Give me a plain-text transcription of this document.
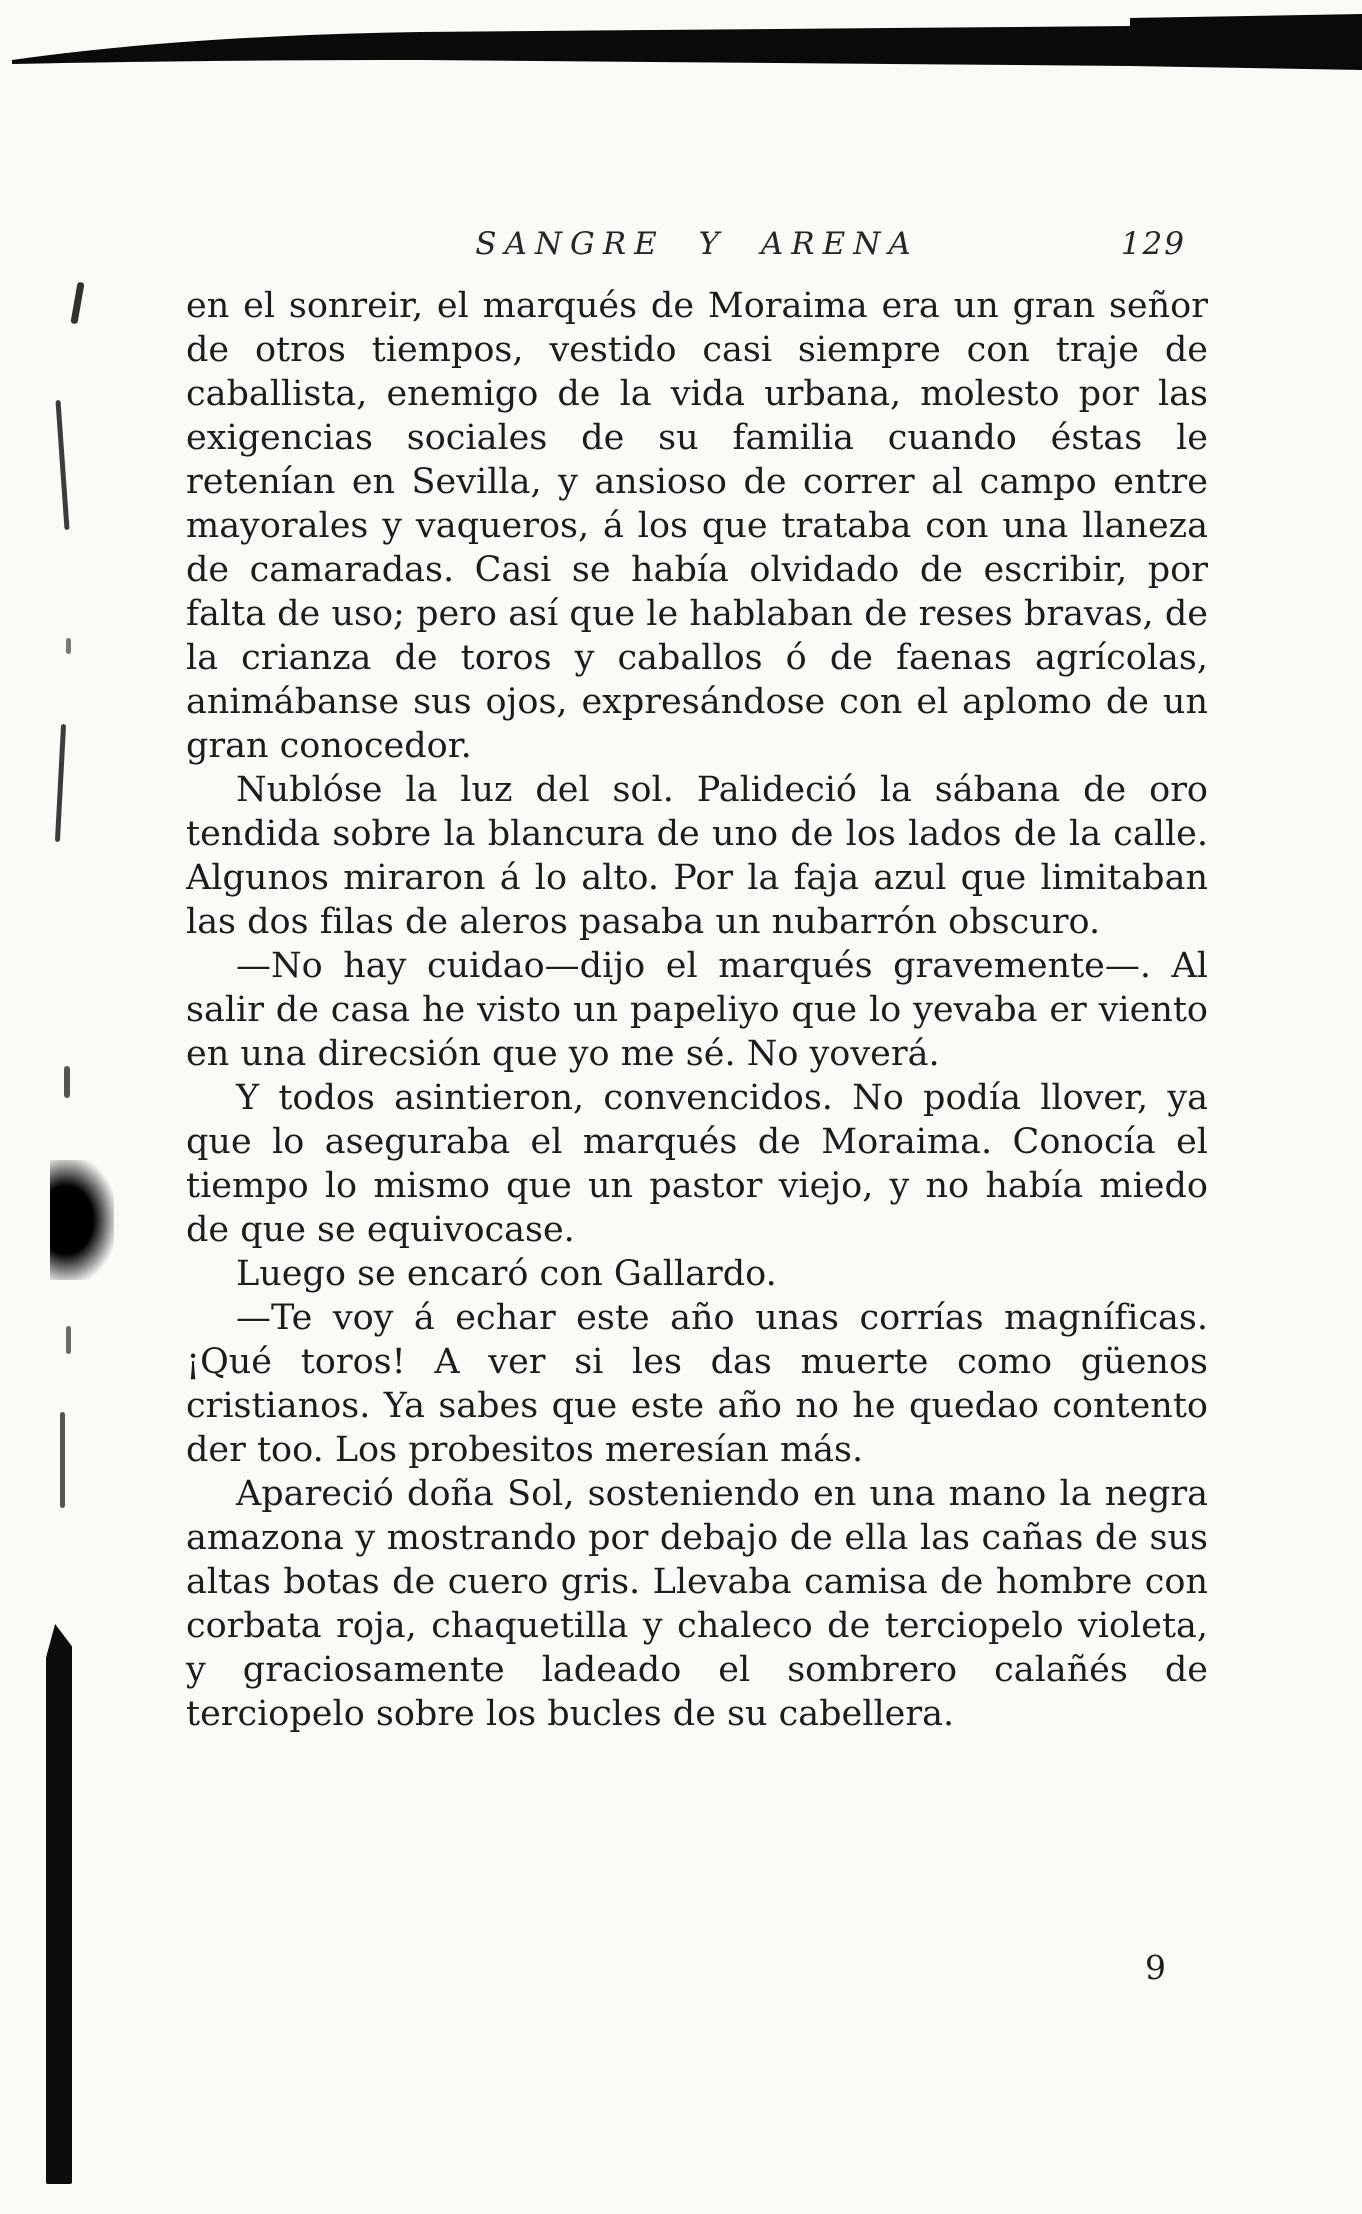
SANGRE Y ARENA	129

en el sonreir, el marqués de Moraima era un gran señor de otros tiempos, vestido casi siempre con traje de caballista, enemigo de la vida urbana, molesto por las exigencias sociales de su familia cuando éstas le retenían en Sevilla, y ansioso de correr al campo entre mayorales y vaqueros, á los que trataba con una llaneza de camaradas. Casi se había olvidado de escribir, por falta de uso; pero así que le hablaban de reses bravas, de la crianza de toros y caballos ó de faenas agrícolas, animábanse sus ojos, expresándose con el aplomo de un gran conocedor.

Nublóse la luz del sol. Palideció la sábana de oro tendida sobre la blancura de uno de los lados de la calle. Algunos miraron á lo alto. Por la faja azul que limitaban las dos filas de aleros pasaba un nubarrón obscuro.

—No hay cuidao—dijo el marqués gravemente—. Al salir de casa he visto un papeliyo que lo yevaba er viento en una direcsión que yo me sé. No yoverá.

Y todos asintieron, convencidos. No podía llover, ya que lo aseguraba el marqués de Moraima. Conocía el tiempo lo mismo que un pastor viejo, y no había miedo de que se equivocase.

Luego se encaró con Gallardo.

—Te voy á echar este año unas corrías magníficas. ¡Qué toros! A ver si les das muerte como güenos cristianos. Ya sabes que este año no he quedao contento der too. Los probesitos meresían más.

Apareció doña Sol, sosteniendo en una mano la negra amazona y mostrando por debajo de ella las cañas de sus altas botas de cuero gris. Llevaba camisa de hombre con corbata roja, chaquetilla y chaleco de terciopelo violeta, y graciosamente ladeado el sombrero calañés de terciopelo sobre los bucles de su cabellera.

9
